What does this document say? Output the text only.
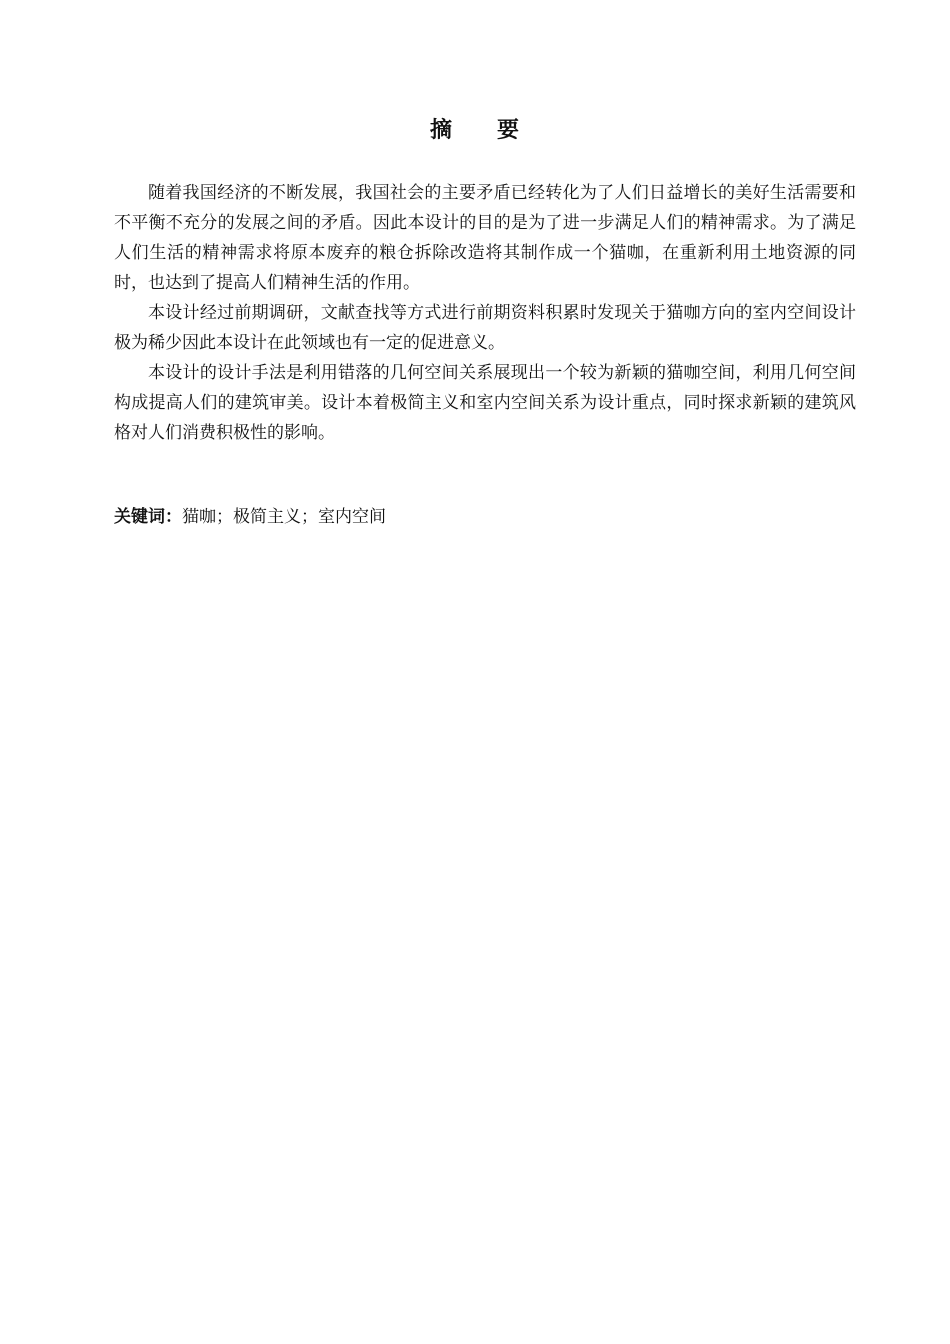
摘 要

随着我国经济的不断发展，我国社会的主要矛盾已经转化为了人们日益增长的美好生活需要和不平衡不充分的发展之间的矛盾。因此本设计的目的是为了进一步满足人们的精神需求。为了满足人们生活的精神需求将原本废弃的粮仓拆除改造将其制作成一个猫咖，在重新利用土地资源的同时，也达到了提高人们精神生活的作用。

本设计经过前期调研，文献查找等方式进行前期资料积累时发现关于猫咖方向的室内空间设计极为稀少因此本设计在此领域也有一定的促进意义。

本设计的设计手法是利用错落的几何空间关系展现出一个较为新颖的猫咖空间，利用几何空间构成提高人们的建筑审美。设计本着极简主义和室内空间关系为设计重点，同时探求新颖的建筑风格对人们消费积极性的影响。

关键词：猫咖；极简主义；室内空间
